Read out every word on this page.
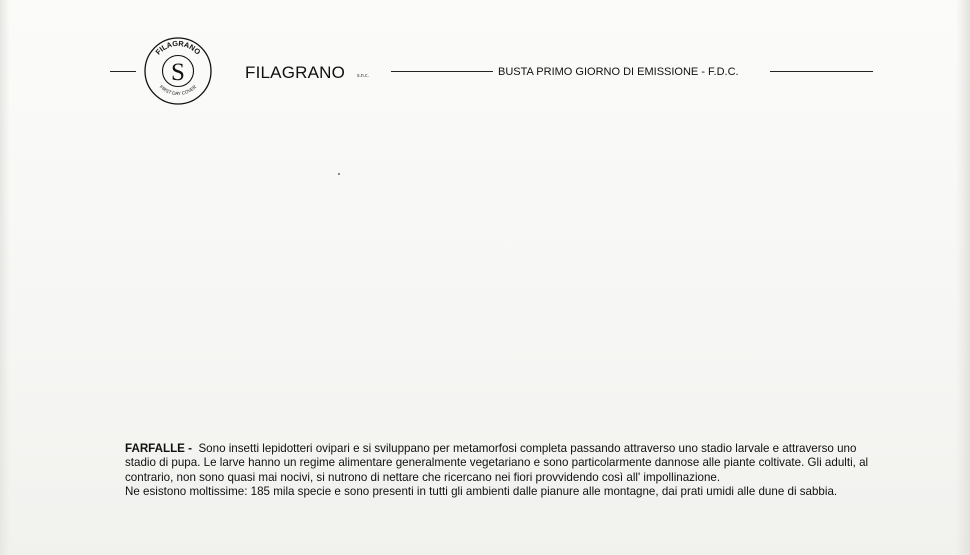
S
FILAGRANO
FIRST DAY COVER
FILAGRANO s.n.c.	BUSTA PRIMO GIORNO DI EMISSIONE - F.D.C.

FARFALLE - Sono insetti lepidotteri ovipari e si sviluppano per metamorfosi completa passando attraverso uno stadio larvale e attraverso uno stadio di pupa. Le larve hanno un regime alimentare generalmente vegetariano e sono particolarmente dannose alle piante coltivate. Gli adulti, al contrario, non sono quasi mai nocivi, si nutrono di nettare che ricercano nei fiori provvidendo così all' impollinazione.

Ne esistono moltissime: 185 mila specie e sono presenti in tutti gli ambienti dalle pianure alle montagne, dai prati umidi alle dune di sabbia.
